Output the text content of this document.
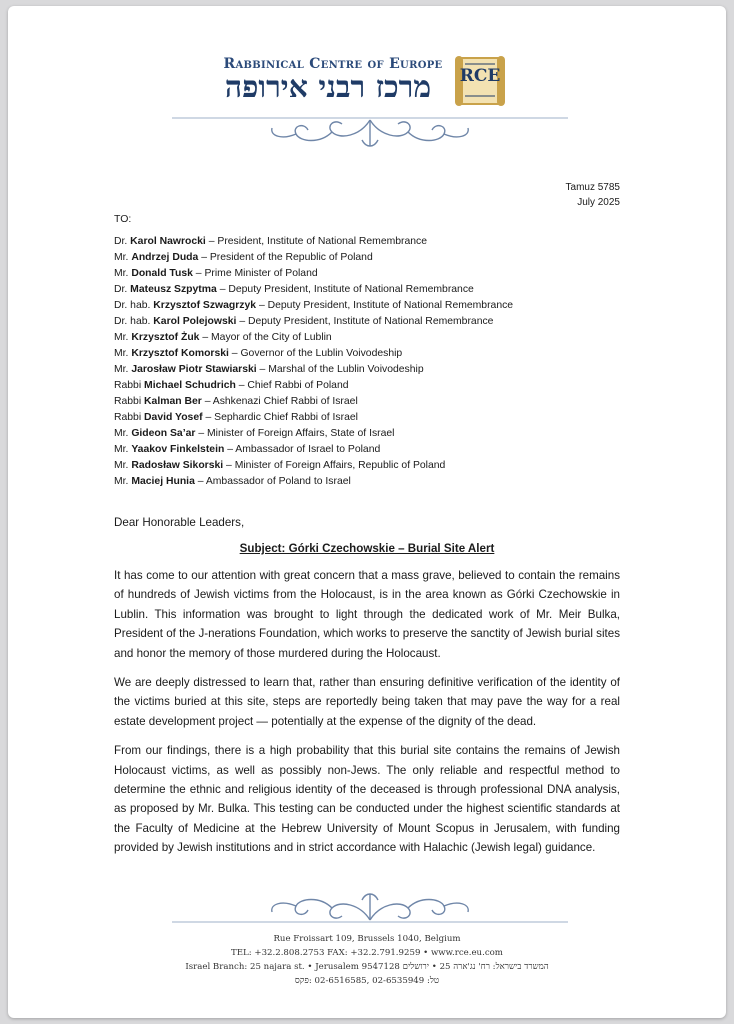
Rabbinical Centre of Europe
מרכז רבני אירופה	RCE
Tamuz 5785
July 2025
TO:
Dr. Karol Nawrocki – President, Institute of National Remembrance
Mr. Andrzej Duda – President of the Republic of Poland
Mr. Donald Tusk – Prime Minister of Poland
Dr. Mateusz Szpytma – Deputy President, Institute of National Remembrance
Dr. hab. Krzysztof Szwagrzyk – Deputy President, Institute of National Remembrance
Dr. hab. Karol Polejowski – Deputy President, Institute of National Remembrance
Mr. Krzysztof Żuk – Mayor of the City of Lublin
Mr. Krzysztof Komorski – Governor of the Lublin Voivodeship
Mr. Jarosław Piotr Stawiarski – Marshal of the Lublin Voivodeship
Rabbi Michael Schudrich – Chief Rabbi of Poland
Rabbi Kalman Ber – Ashkenazi Chief Rabbi of Israel
Rabbi David Yosef – Sephardic Chief Rabbi of Israel
Mr. Gideon Sa’ar – Minister of Foreign Affairs, State of Israel
Mr. Yaakov Finkelstein – Ambassador of Israel to Poland
Mr. Radosław Sikorski – Minister of Foreign Affairs, Republic of Poland
Mr. Maciej Hunia – Ambassador of Poland to Israel
Dear Honorable Leaders,
Subject: Górki Czechowskie – Burial Site Alert

It has come to our attention with great concern that a mass grave, believed to contain the remains of hundreds of Jewish victims from the Holocaust, is in the area known as Górki Czechowskie in Lublin. This information was brought to light through the dedicated work of Mr. Meir Bulka, President of the J-nerations Foundation, which works to preserve the sanctity of Jewish burial sites and honor the memory of those murdered during the Holocaust.

We are deeply distressed to learn that, rather than ensuring definitive verification of the identity of the victims buried at this site, steps are reportedly being taken that may pave the way for a real estate development project — potentially at the expense of the dignity of the dead.

From our findings, there is a high probability that this burial site contains the remains of Jewish Holocaust victims, as well as possibly non-Jews. The only reliable and respectful method to determine the ethnic and religious identity of the deceased is through professional DNA analysis, as proposed by Mr. Bulka. This testing can be conducted under the highest scientific standards at the Faculty of Medicine at the Hebrew University of Mount Scopus in Jerusalem, with funding provided by Jewish institutions and in strict accordance with Halachic (Jewish legal) guidance.

Rue Froissart 109, Brussels 1040, Belgium
TEL: +32.2.808.2753 FAX: +32.2.791.9259 • www.rce.eu.com
Israel Branch: 25 najara st. • Jerusalem 9547128 המשרד בישראל: רח' נג'ארה 25 • ירושלים
טל: 02-6535949 ,02-6516585 :פקס
